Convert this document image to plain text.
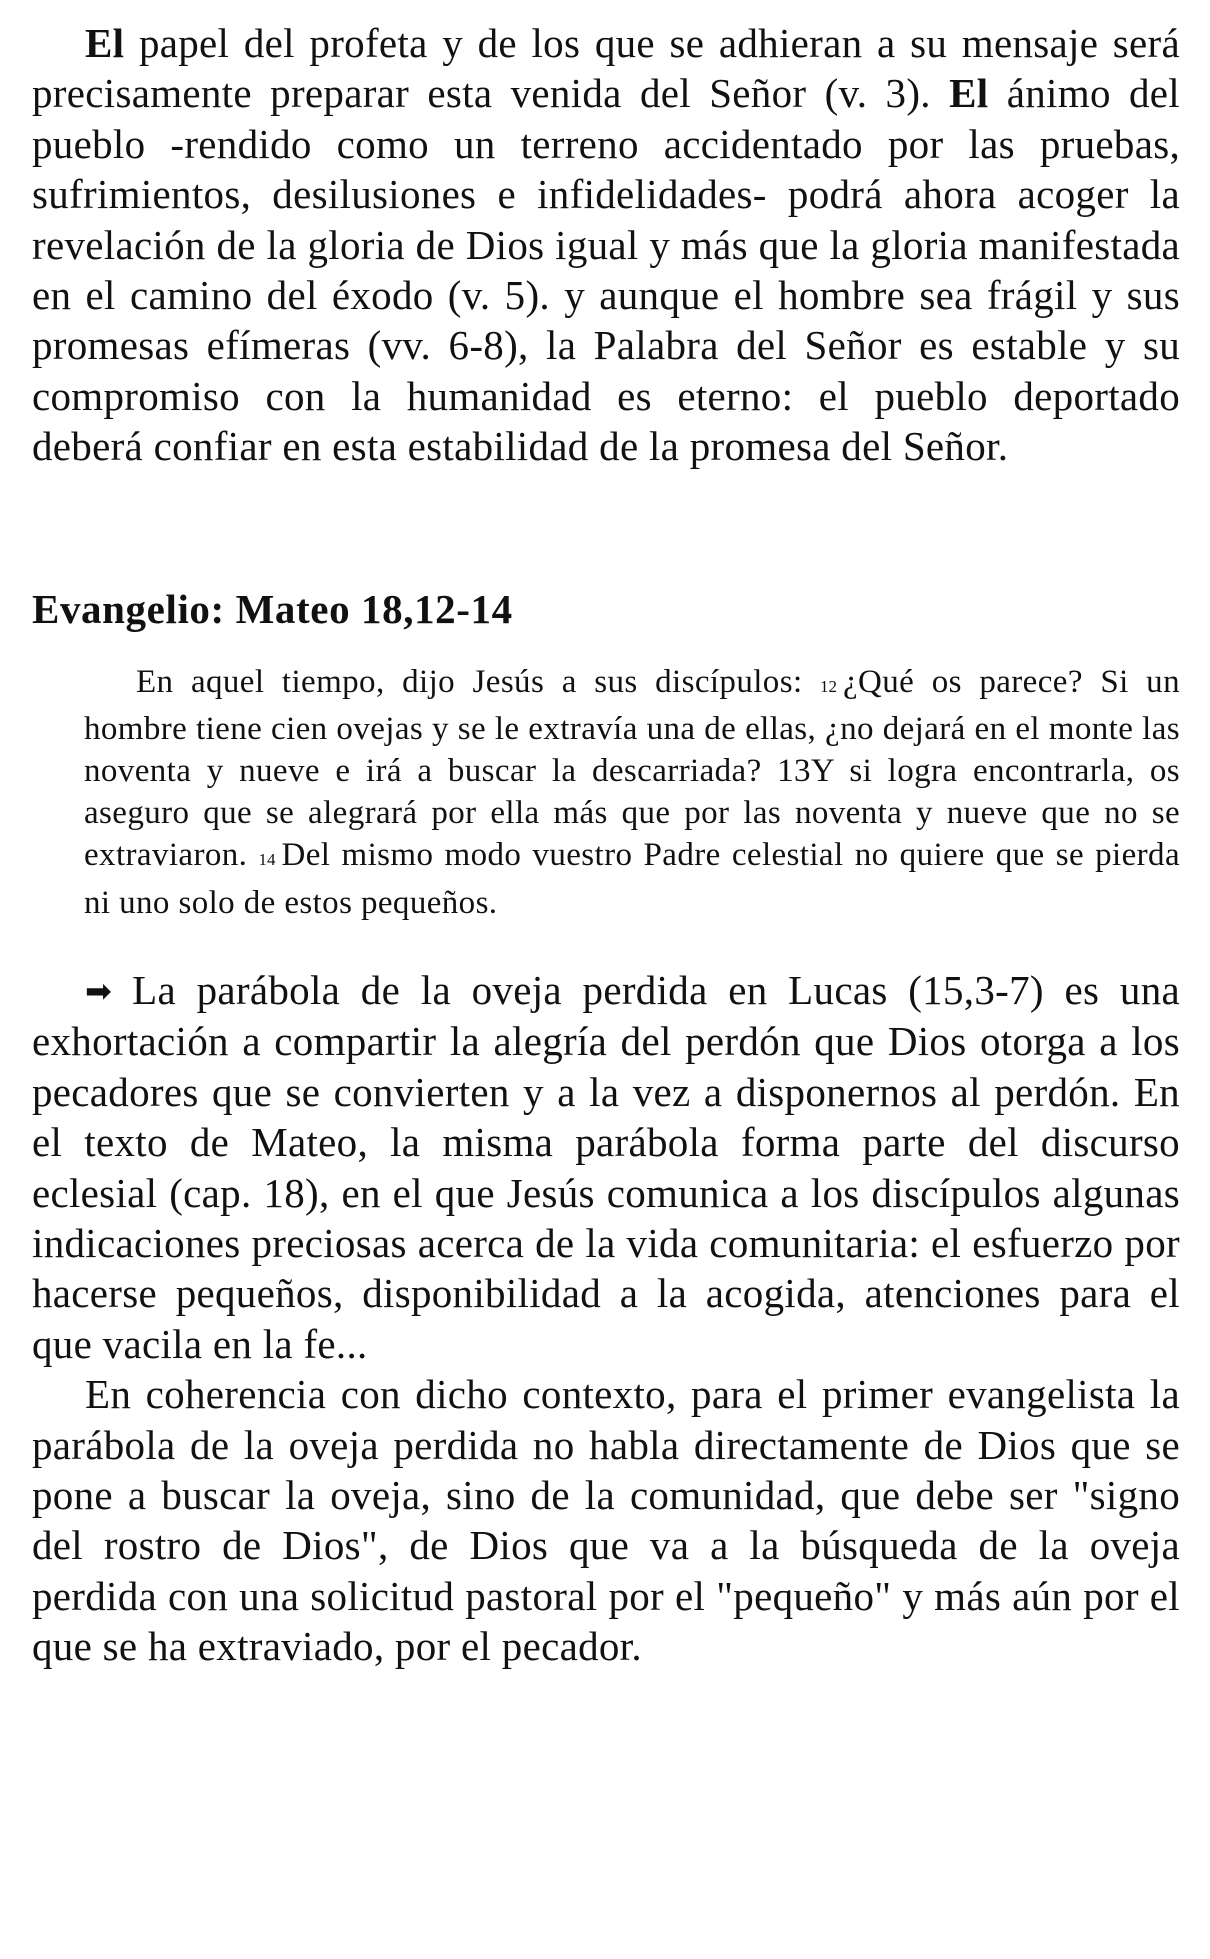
El papel del profeta y de los que se adhieran a su mensaje será precisamente preparar esta venida del Señor (v. 3). El ánimo del pueblo -rendido como un terreno accidentado por las pruebas, sufrimientos, desilusiones e infidelidades- podrá ahora acoger la revelación de la gloria de Dios igual y más que la gloria manifestada en el camino del éxodo (v. 5). y aunque el hombre sea frágil y sus promesas efímeras (vv. 6-8), la Palabra del Señor es estable y su compromiso con la humanidad es eterno: el pueblo deportado deberá confiar en esta estabilidad de la promesa del Señor.

Evangelio: Mateo 18,12-14

En aquel tiempo, dijo Jesús a sus discípulos: 12 ¿Qué os parece? Si un hombre tiene cien ovejas y se le extravía una de ellas, ¿no dejará en el monte las noventa y nueve e irá a buscar la descarriada? 13Y si logra encontrarla, os aseguro que se alegrará por ella más que por las noventa y nueve que no se extraviaron. 14 Del mismo modo vuestro Padre celestial no quiere que se pierda ni uno solo de estos pequeños.

➡ La parábola de la oveja perdida en Lucas (15,3-7) es una exhortación a compartir la alegría del perdón que Dios otorga a los pecadores que se convierten y a la vez a disponernos al perdón. En el texto de Mateo, la misma parábola forma parte del discurso eclesial (cap. 18), en el que Jesús comunica a los discípulos algunas indicaciones preciosas acerca de la vida comunitaria: el esfuerzo por hacerse pequeños, disponibilidad a la acogida, atenciones para el que vacila en la fe...

En coherencia con dicho contexto, para el primer evangelista la parábola de la oveja perdida no habla directamente de Dios que se pone a buscar la oveja, sino de la comunidad, que debe ser "signo del rostro de Dios", de Dios que va a la búsqueda de la oveja perdida con una solicitud pastoral por el "pequeño" y más aún por el que se ha extraviado, por el pecador.
